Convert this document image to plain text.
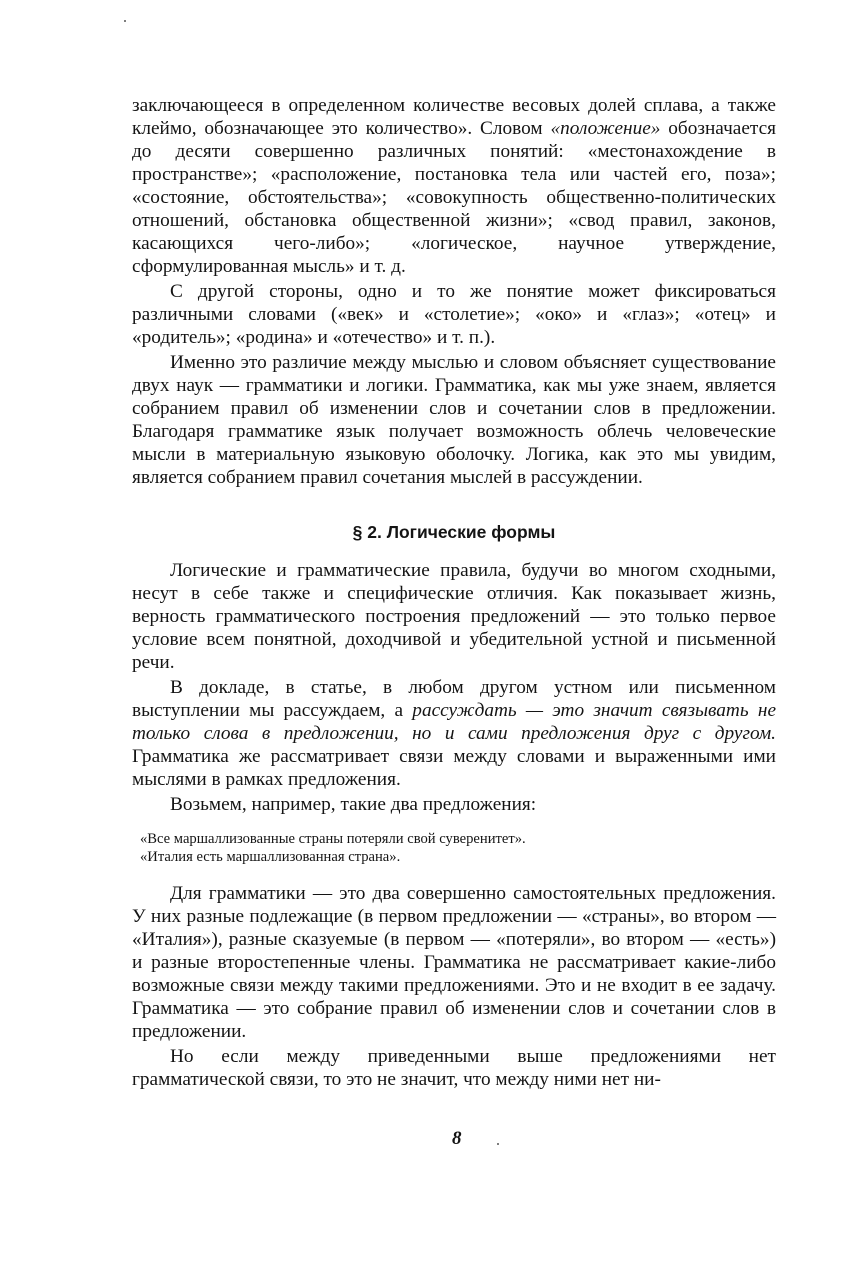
заключающееся в определенном количестве весовых долей сплава, а также клеймо, обозначающее это количество». Словом «положение» обозначается до десяти совершенно различных понятий: «местонахождение в пространстве»; «расположение, постановка тела или частей его, поза»; «состояние, обстоятельства»; «совокупность общественно-политических отношений, обстановка общественной жизни»; «свод правил, законов, касающихся чего-либо»; «логическое, научное утверждение, сформулированная мысль» и т. д.

С другой стороны, одно и то же понятие может фиксироваться различными словами («век» и «столетие»; «око» и «глаз»; «отец» и «родитель»; «родина» и «отечество» и т. п.).

Именно это различие между мыслью и словом объясняет существование двух наук — грамматики и логики. Грамматика, как мы уже знаем, является собранием правил об изменении слов и сочетании слов в предложении. Благодаря грамматике язык получает возможность облечь человеческие мысли в материальную языковую оболочку. Логика, как это мы увидим, является собранием правил сочетания мыслей в рассуждении.

§ 2. Логические формы

Логические и грамматические правила, будучи во многом сходными, несут в себе также и специфические отличия. Как показывает жизнь, верность грамматического построения предложений — это только первое условие всем понятной, доходчивой и убедительной устной и письменной речи.

В докладе, в статье, в любом другом устном или письменном выступлении мы рассуждаем, а рассуждать — это значит связывать не только слова в предложении, но и сами предложения друг с другом. Грамматика же рассматривает связи между словами и выраженными ими мыслями в рамках предложения.

Возьмем, например, такие два предложения:

«Все маршаллизованные страны потеряли свой суверенитет».

«Италия есть маршаллизованная страна».

Для грамматики — это два совершенно самостоятельных предложения. У них разные подлежащие (в первом предложении — «страны», во втором — «Италия»), разные сказуемые (в первом — «потеряли», во втором — «есть») и разные второстепенные члены. Грамматика не рассматривает какие-либо возможные связи между такими предложениями. Это и не входит в ее задачу. Грамматика — это собрание правил об изменении слов и сочетании слов в предложении.

Но если между приведенными выше предложениями нет грамматической связи, то это не значит, что между ними нет ни-

8
